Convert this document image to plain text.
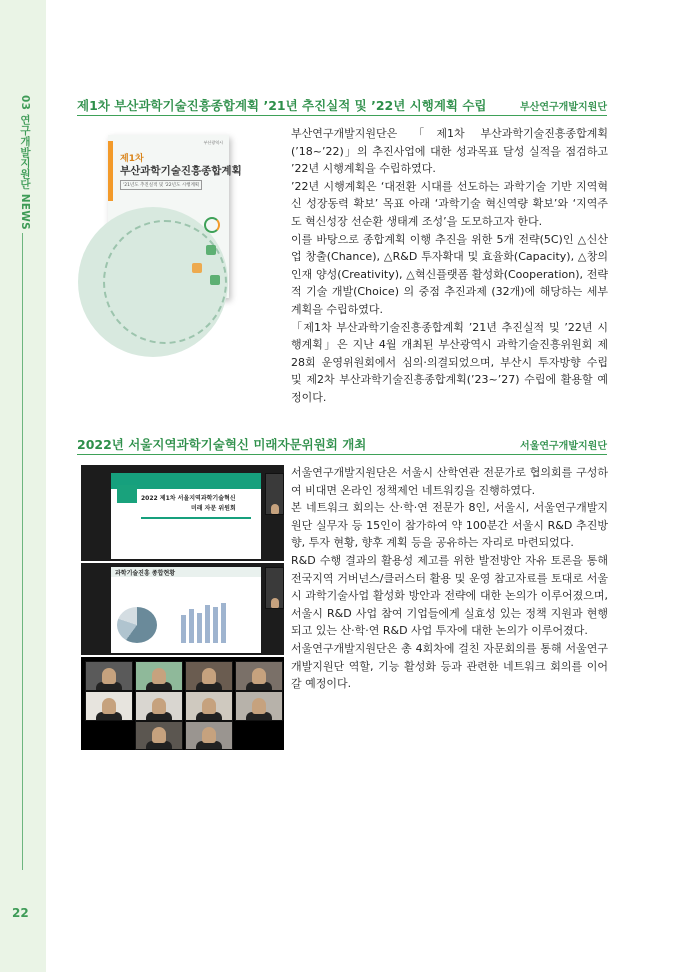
03 연구개발지원단 NEWS
22
제1차 부산과학기술진흥종합계획 ’21년 추진실적 및 ’22년 시행계획 수립	부산연구개발지원단
부산광역시
제1차
부산과학기술진흥종합계획
'21년도 추진실적 및 '22년도 시행계획

부산연구개발지원단은 「제1차 부산과학기술진흥종합계획(’18~’22)」의 추진사업에 대한 성과목표 달성 실적을 점검하고 ’22년 시행계획을 수립하였다.

’22년 시행계획은 ‘대전환 시대를 선도하는 과학기술 기반 지역혁신 성장동력 확보’ 목표 아래 ‘과학기술 혁신역량 확보’와 ‘지역주도 혁신성장 선순환 생태계 조성’을 도모하고자 한다.

이를 바탕으로 종합계획 이행 추진을 위한 5개 전략(5C)인 △신산업 창출(Chance), △R&D 투자확대 및 효율화(Capacity), △창의인재 양성(Creativity), △혁신플랫폼 활성화(Cooperation), 전략적 기술 개발(Choice) 의 중점 추진과제 (32개)에 해당하는 세부 계획을 수립하였다.

「제1차 부산과학기술진흥종합계획 ’21년 추진실적 및 ’22년 시행계획」은 지난 4월 개최된 부산광역시 과학기술진흥위원회 제28회 운영위원회에서 심의·의결되었으며, 부산시 투자방향 수립 및 제2차 부산과학기술진흥종합계획(’23~’27) 수립에 활용할 예정이다.

2022년 서울지역과학기술혁신 미래자문위원회 개최	서울연구개발지원단
2022 제1차 서울지역과학기술혁신
미래 자문 위원회
과학기술진흥 종합현황

서울연구개발지원단은 서울시 산학연관 전문가로 협의회를 구성하여 비대면 온라인 정책제언 네트워킹을 진행하였다.

본 네트워크 회의는 산·학·연 전문가 8인, 서울시, 서울연구개발지원단 실무자 등 15인이 참가하여 약 100분간 서울시 R&D 추진방향, 투자 현황, 향후 계획 등을 공유하는 자리로 마련되었다.

R&D 수행 결과의 활용성 제고를 위한 발전방안 자유 토론을 통해 전국지역 거버넌스/클러스터 활용 및 운영 참고자료를 토대로 서울시 과학기술사업 활성화 방안과 전략에 대한 논의가 이루어졌으며, 서울시 R&D 사업 참여 기업들에게 실효성 있는 정책 지원과 현행되고 있는 산·학·연 R&D 사업 투자에 대한 논의가 이루어졌다.

서울연구개발지원단은 총 4회차에 걸친 자문회의를 통해 서울연구개발지원단 역할, 기능 활성화 등과 관련한 네트워크 회의를 이어갈 예정이다.
